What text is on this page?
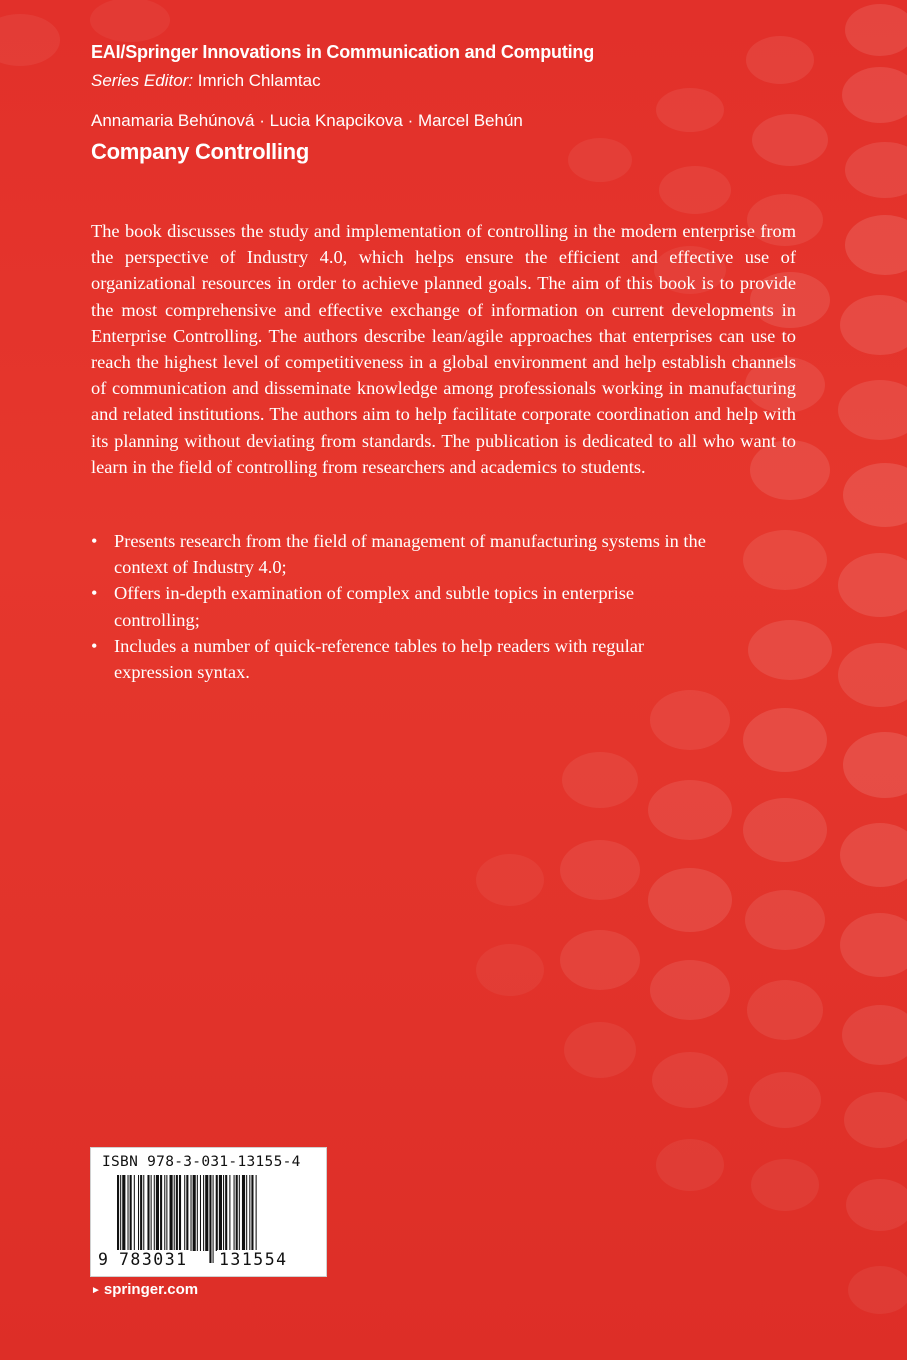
EAI/Springer Innovations in Communication and Computing
Series Editor: Imrich Chlamtac
Annamaria Behúnová · Lucia Knapcikova · Marcel Behún
Company Controlling

The book discusses the study and implementation of controlling in the modern enterprise from the perspective of Industry 4.0, which helps ensure the efficient and effective use of organizational resources in order to achieve planned goals. The aim of this book is to provide the most comprehensive and effective exchange of information on current developments in Enterprise Controlling. The authors describe lean/agile approaches that enterprises can use to reach the highest level of competitiveness in a global environment and help establish channels of communication and disseminate knowledge among professionals working in manufacturing and related institutions. The authors aim to help facilitate corporate coordination and help with its planning without deviating from standards. The publication is dedicated to all who want to learn in the field of controlling from researchers and academics to students.

• Presents research from the field of management of manufacturing systems in the context of Industry 4.0;
• Offers in-depth examination of complex and subtle topics in enterprise controlling;
• Includes a number of quick-reference tables to help readers with regular expression syntax.
ISBN 978-3-031-13155-4
9 783031 131554
► springer.com
